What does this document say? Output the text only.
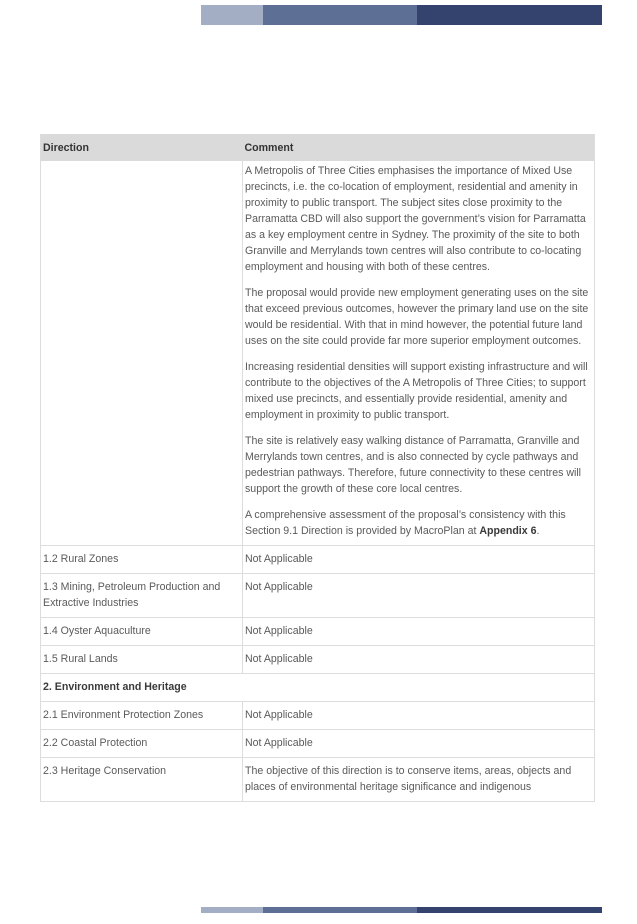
Direction	Comment

	A Metropolis of Three Cities emphasises the importance of Mixed Use precincts, i.e. the co-location of employment, residential and amenity in proximity to public transport. The subject sites close proximity to the Parramatta CBD will also support the government’s vision for Parramatta as a key employment centre in Sydney. The proximity of the site to both Granville and Merrylands town centres will also contribute to co-locating employment and housing with both of these centres.

The proposal would provide new employment generating uses on the site that exceed previous outcomes, however the primary land use on the site would be residential. With that in mind however, the potential future land uses on the site could provide far more superior employment outcomes.

Increasing residential densities will support existing infrastructure and will contribute to the objectives of the A Metropolis of Three Cities; to support mixed use precincts, and essentially provide residential, amenity and employment in proximity to public transport.

The site is relatively easy walking distance of Parramatta, Granville and Merrylands town centres, and is also connected by cycle pathways and pedestrian pathways. Therefore, future connectivity to these centres will support the growth of these core local centres.

A comprehensive assessment of the proposal’s consistency with this Section 9.1 Direction is provided by MacroPlan at Appendix 6.

1.2 Rural Zones	Not Applicable
1.3 Mining, Petroleum Production and Extractive Industries	Not Applicable
1.4 Oyster Aquaculture	Not Applicable
1.5 Rural Lands	Not Applicable
2. Environment and Heritage	
2.1 Environment Protection Zones	Not Applicable
2.2 Coastal Protection	Not Applicable
2.3 Heritage Conservation	The objective of this direction is to conserve items, areas, objects and places of environmental heritage significance and indigenous
